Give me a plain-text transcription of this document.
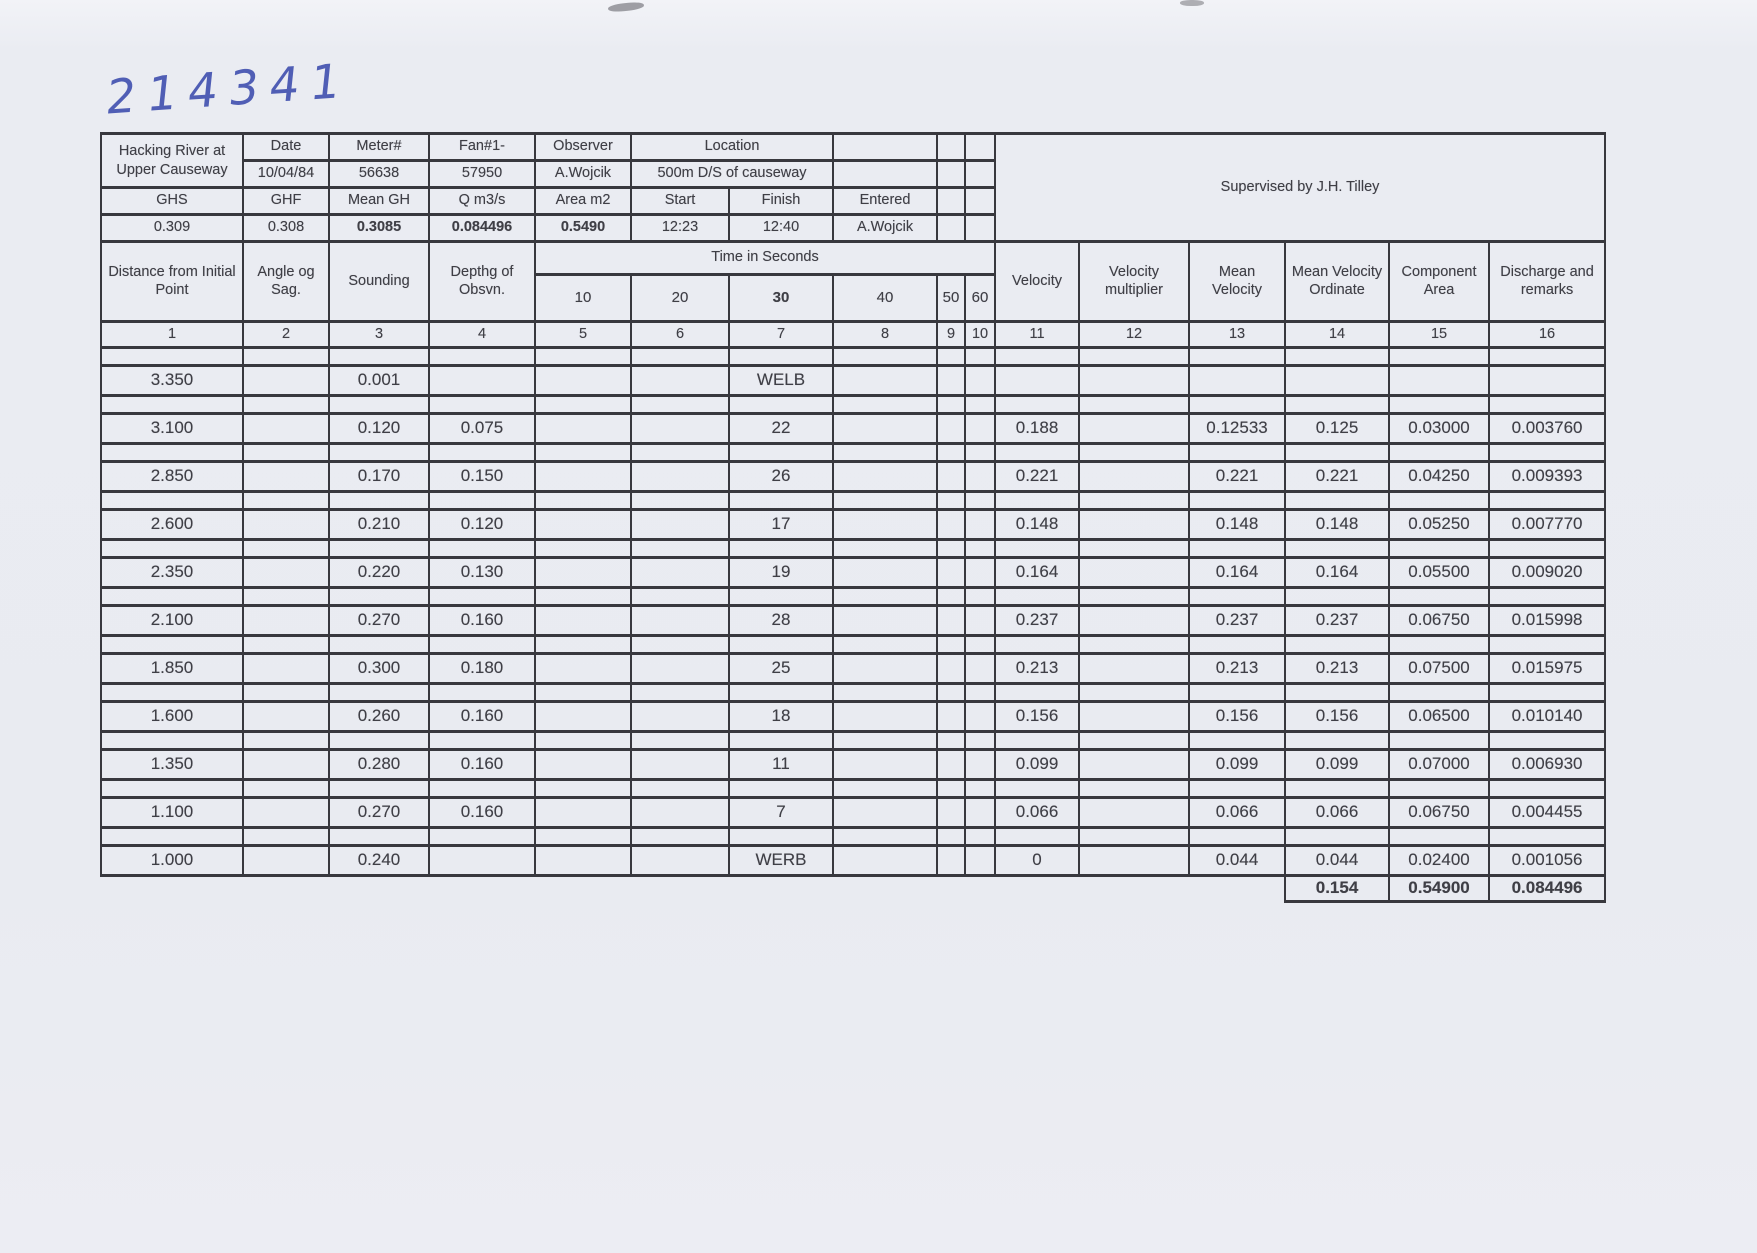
214341
Hacking River at Upper Causeway	Date	Meter#	Fan#1-	Observer	Location					Supervised by J.H. Tilley					
	10/04/84	56638	57950	A.Wojcik	500m D/S of causeway										
GHS	GHF	Mean GH	Q m3/s	Area m2	Start	Finish	Entered								
0.309	0.308	0.3085	0.084496	0.5490	12:23	12:40	A.Wojcik								
Distance from Initial Point	Angle og Sag.	Sounding	Depthg of Obsvn.	Time in Seconds						Velocity	Velocity multiplier	Mean Velocity	Mean Velocity Ordinate	Component Area	Discharge and remarks
				10	20	30	40	50	60						
1	2	3	4	5	6	7	8	9	10	11	12	13	14	15	16

3.350		0.001				WELB									

3.100		0.120	0.075			22				0.188		0.12533	0.125	0.03000	0.003760

2.850		0.170	0.150			26				0.221		0.221	0.221	0.04250	0.009393

2.600		0.210	0.120			17				0.148		0.148	0.148	0.05250	0.007770

2.350		0.220	0.130			19				0.164		0.164	0.164	0.05500	0.009020

2.100		0.270	0.160			28				0.237		0.237	0.237	0.06750	0.015998

1.850		0.300	0.180			25				0.213		0.213	0.213	0.07500	0.015975

1.600		0.260	0.160			18				0.156		0.156	0.156	0.06500	0.010140

1.350		0.280	0.160			11				0.099		0.099	0.099	0.07000	0.006930

1.100		0.270	0.160			7				0.066		0.066	0.066	0.06750	0.004455

1.000		0.240				WERB				0		0.044	0.044	0.02400	0.001056
													0.154	0.54900	0.084496
